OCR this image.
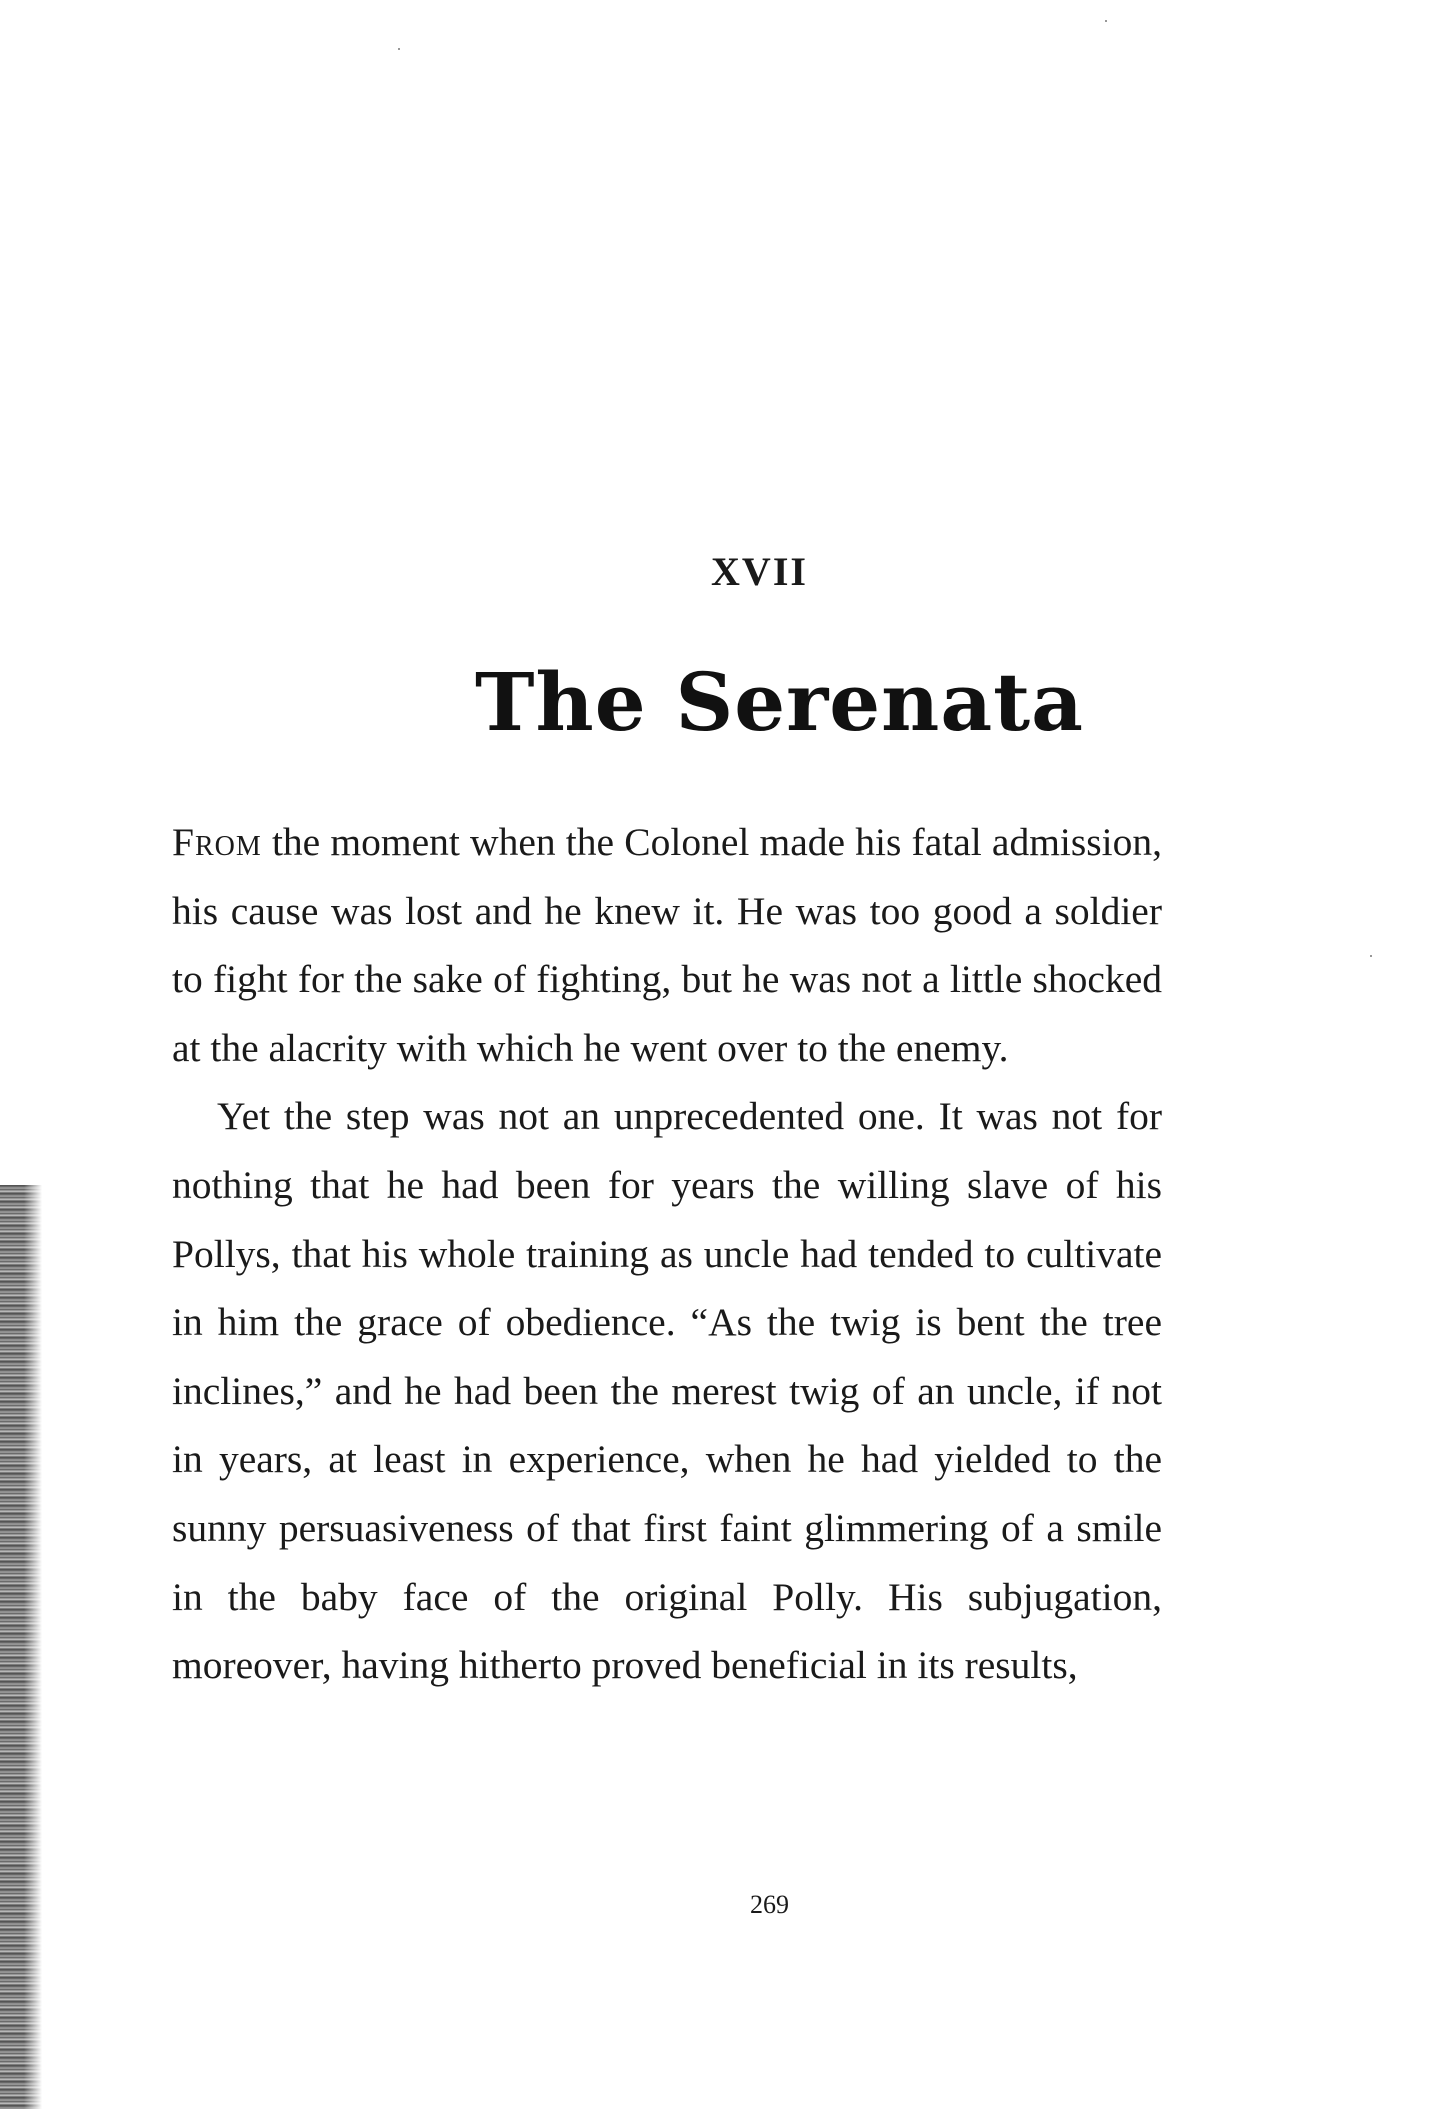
XVII
The Serenata

From the moment when the Colonel made his fatal admission, his cause was lost and he knew it. He was too good a soldier to fight for the sake of fighting, but he was not a little shocked at the alacrity with which he went over to the enemy.

Yet the step was not an unprecedented one. It was not for nothing that he had been for years the willing slave of his Pollys, that his whole training as uncle had tended to cultivate in him the grace of obedience. “As the twig is bent the tree inclines,” and he had been the merest twig of an uncle, if not in years, at least in experience, when he had yielded to the sunny persuasiveness of that first faint glimmering of a smile in the baby face of the original Polly. His subjugation, moreover, having hitherto proved beneficial in its results,

269
